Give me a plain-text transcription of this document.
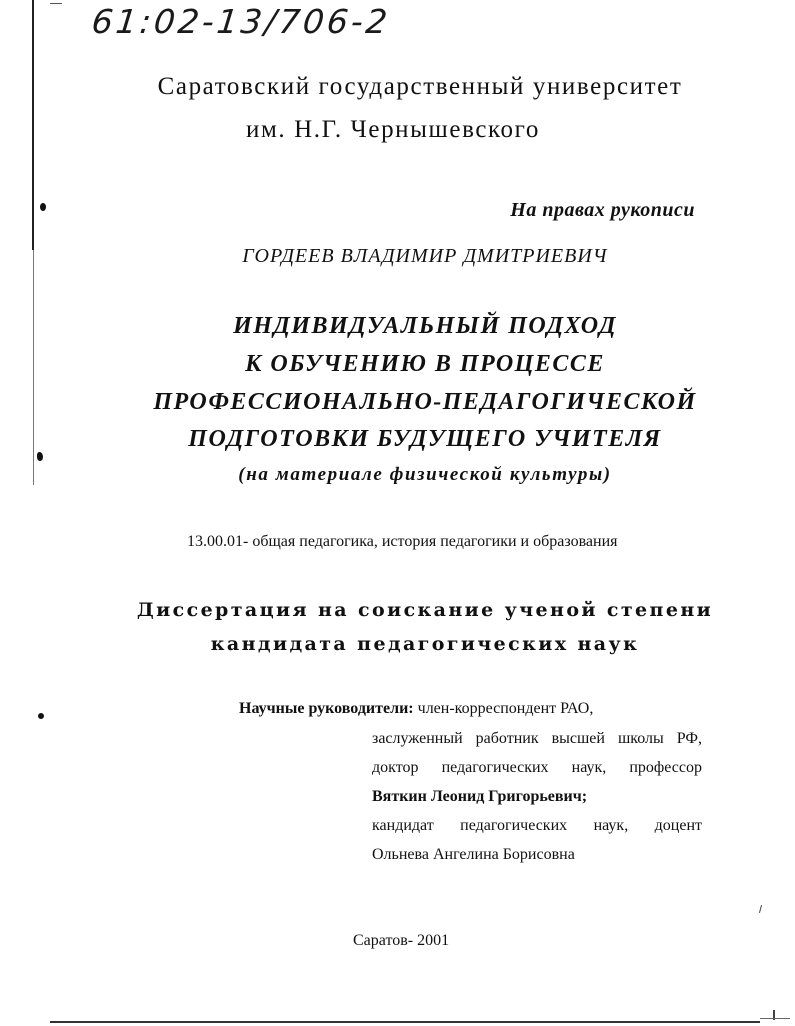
61:02-13/706-2
Саратовский государственный университет
им. Н.Г. Чернышевского
На правах рукописи
ГОРДЕЕВ ВЛАДИМИР ДМИТРИЕВИЧ
ИНДИВИДУАЛЬНЫЙ ПОДХОД
К ОБУЧЕНИЮ В ПРОЦЕССЕ
ПРОФЕССИОНАЛЬНО-ПЕДАГОГИЧЕСКОЙ
ПОДГОТОВКИ БУДУЩЕГО УЧИТЕЛЯ
(на материале физической культуры)
13.00.01- общая педагогика, история педагогики и образования
Диссертация на соискание ученой степени
кандидата педагогических наук
Научные руководители: член-корреспондент РАО,
заслуженный работник высшей школы РФ,
доктор педагогических наук, профессор
Вяткин Леонид Григорьевич;
кандидат педагогических наук, доцент
Ольнева Ангелина Борисовна
Саратов- 2001
